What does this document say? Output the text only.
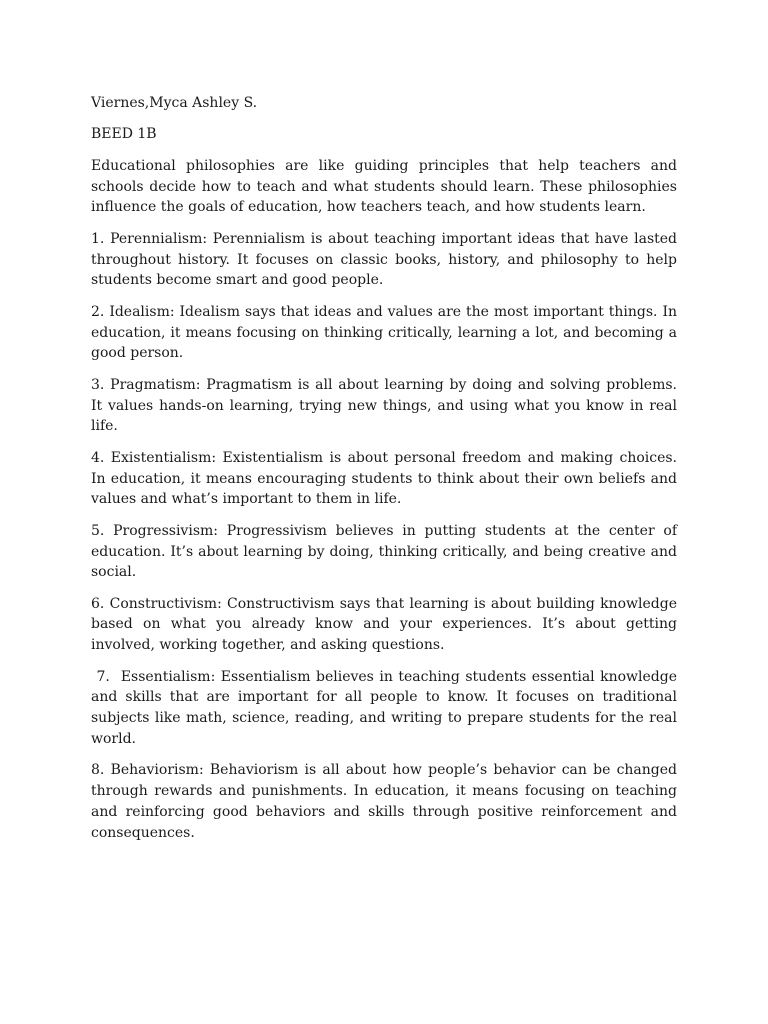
Viernes,Myca Ashley S.

BEED 1B

Educational philosophies are like guiding principles that help teachers and schools decide how to teach and what students should learn. These philosophies influence the goals of education, how teachers teach, and how students learn.

1. Perennialism: Perennialism is about teaching important ideas that have lasted throughout history. It focuses on classic books, history, and philosophy to help students become smart and good people.

2. Idealism: Idealism says that ideas and values are the most important things. In education, it means focusing on thinking critically, learning a lot, and becoming a good person.

3. Pragmatism: Pragmatism is all about learning by doing and solving problems. It values hands-on learning, trying new things, and using what you know in real life.

4. Existentialism: Existentialism is about personal freedom and making choices. In education, it means encouraging students to think about their own beliefs and values and what’s important to them in life.

5. Progressivism: Progressivism believes in putting students at the center of education. It’s about learning by doing, thinking critically, and being creative and social.

6. Constructivism: Constructivism says that learning is about building knowledge based on what you already know and your experiences. It’s about getting involved, working together, and asking questions.

7.  Essentialism: Essentialism believes in teaching students essential knowledge and skills that are important for all people to know. It focuses on traditional subjects like math, science, reading, and writing to prepare students for the real world.

8. Behaviorism: Behaviorism is all about how people’s behavior can be changed through rewards and punishments. In education, it means focusing on teaching and reinforcing good behaviors and skills through positive reinforcement and consequences.
